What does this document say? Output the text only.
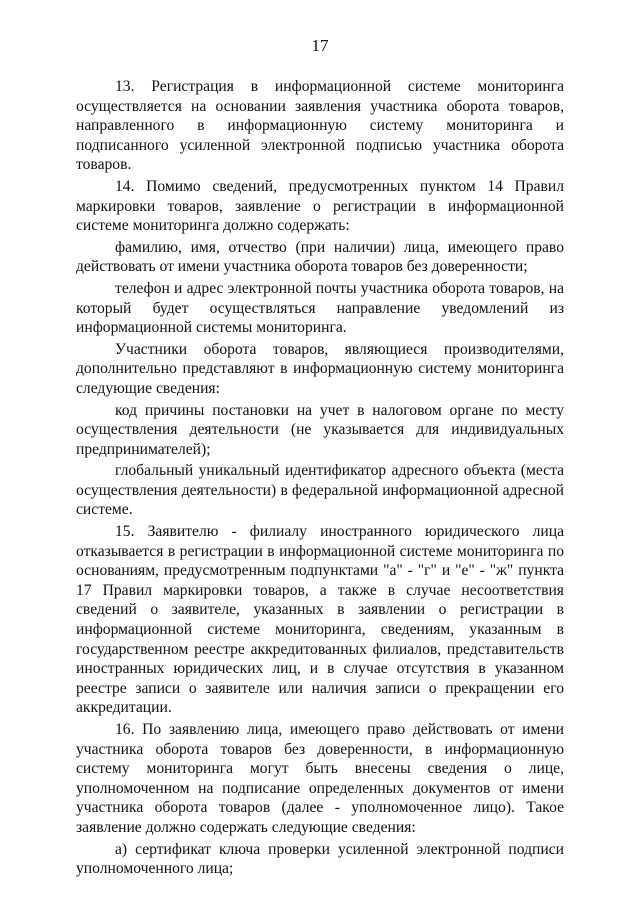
17

13. Регистрация в информационной системе мониторинга осуществляется на основании заявления участника оборота товаров, направленного в информационную систему мониторинга и подписанного усиленной электронной подписью участника оборота товаров.

14. Помимо сведений, предусмотренных пунктом 14 Правил маркировки товаров, заявление о регистрации в информационной системе мониторинга должно содержать:

фамилию, имя, отчество (при наличии) лица, имеющего право действовать от имени участника оборота товаров без доверенности;

телефон и адрес электронной почты участника оборота товаров, на который будет осуществляться направление уведомлений из информационной системы мониторинга.

Участники оборота товаров, являющиеся производителями, дополнительно представляют в информационную систему мониторинга следующие сведения:

код причины постановки на учет в налоговом органе по месту осуществления деятельности (не указывается для индивидуальных предпринимателей);

глобальный уникальный идентификатор адресного объекта (места осуществления деятельности) в федеральной информационной адресной системе.

15. Заявителю - филиалу иностранного юридического лица отказывается в регистрации в информационной системе мониторинга по основаниям, предусмотренным подпунктами "а" - "г" и "е" - "ж" пункта 17 Правил маркировки товаров, а также в случае несоответствия сведений о заявителе, указанных в заявлении о регистрации в информационной системе мониторинга, сведениям, указанным в государственном реестре аккредитованных филиалов, представительств иностранных юридических лиц, и в случае отсутствия в указанном реестре записи о заявителе или наличия записи о прекращении его аккредитации.

16. По заявлению лица, имеющего право действовать от имени участника оборота товаров без доверенности, в информационную систему мониторинга могут быть внесены сведения о лице, уполномоченном на подписание определенных документов от имени участника оборота товаров (далее - уполномоченное лицо). Такое заявление должно содержать следующие сведения:

а) сертификат ключа проверки усиленной электронной подписи уполномоченного лица;
